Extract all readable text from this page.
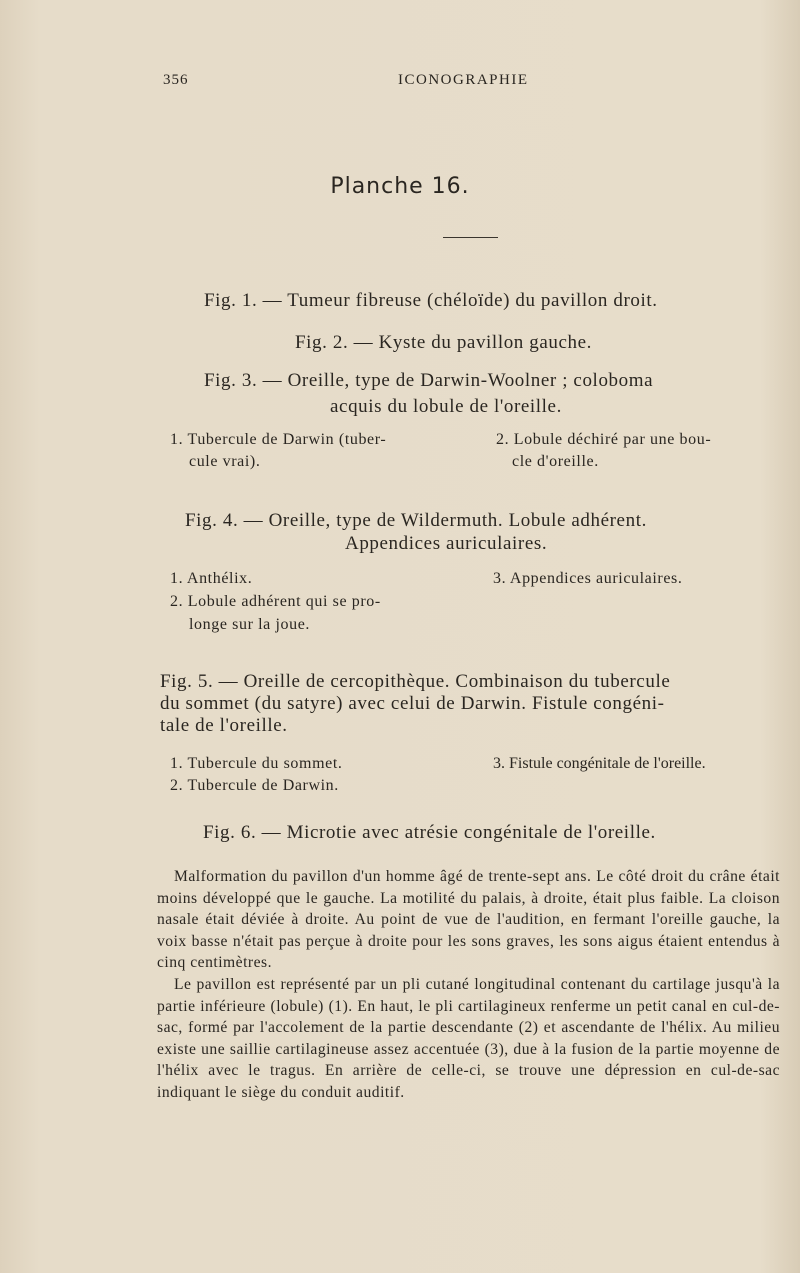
356	ICONOGRAPHIE
Planche 16.
Fig. 1. — Tumeur fibreuse (chéloïde) du pavillon droit.
Fig. 2. — Kyste du pavillon gauche.
Fig. 3. — Oreille, type de Darwin-Woolner ; coloboma
acquis du lobule de l'oreille.
1. Tubercule de Darwin (tuber-
cule vrai).
2. Lobule déchiré par une bou-
cle d'oreille.
Fig. 4. — Oreille, type de Wildermuth. Lobule adhérent.
Appendices auriculaires.
1. Anthélix.
2. Lobule adhérent qui se pro-
longe sur la joue.
3. Appendices auriculaires.
Fig. 5. — Oreille de cercopithèque. Combinaison du tubercule
du sommet (du satyre) avec celui de Darwin. Fistule congéni-
tale de l'oreille.
1. Tubercule du sommet.
2. Tubercule de Darwin.
3. Fistule congénitale de l'oreille.
Fig. 6. — Microtie avec atrésie congénitale de l'oreille.

Malformation du pavillon d'un homme âgé de trente-sept ans. Le côté droit du crâne était moins développé que le gauche. La motilité du palais, à droite, était plus faible. La cloison nasale était déviée à droite. Au point de vue de l'audition, en fermant l'oreille gauche, la voix basse n'était pas perçue à droite pour les sons graves, les sons aigus étaient entendus à cinq centimètres.

Le pavillon est représenté par un pli cutané longitudinal contenant du cartilage jusqu'à la partie inférieure (lobule) (1). En haut, le pli cartilagineux renferme un petit canal en cul-de-sac, formé par l'accolement de la partie descendante (2) et ascendante de l'hélix. Au milieu existe une saillie cartilagineuse assez accentuée (3), due à la fusion de la partie moyenne de l'hélix avec le tragus. En arrière de celle-ci, se trouve une dépression en cul-de-sac indiquant le siège du conduit auditif.
